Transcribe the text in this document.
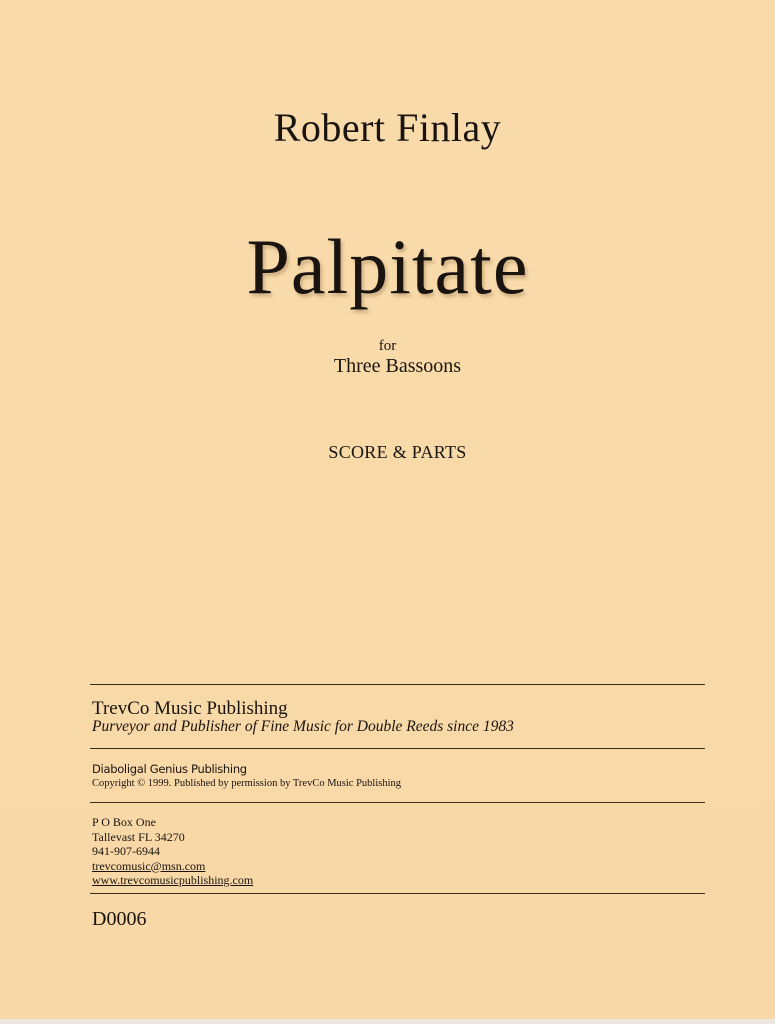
Robert Finlay
Palpitate
for
Three Bassoons
SCORE & PARTS
TrevCo Music Publishing
Purveyor and Publisher of Fine Music for Double Reeds since 1983
Diaboligal Genius Publishing
Copyright © 1999. Published by permission by TrevCo Music Publishing
P O Box One
Tallevast FL 34270
941-907-6944
trevcomusic@msn.com
www.trevcomusicpublishing.com
D0006
